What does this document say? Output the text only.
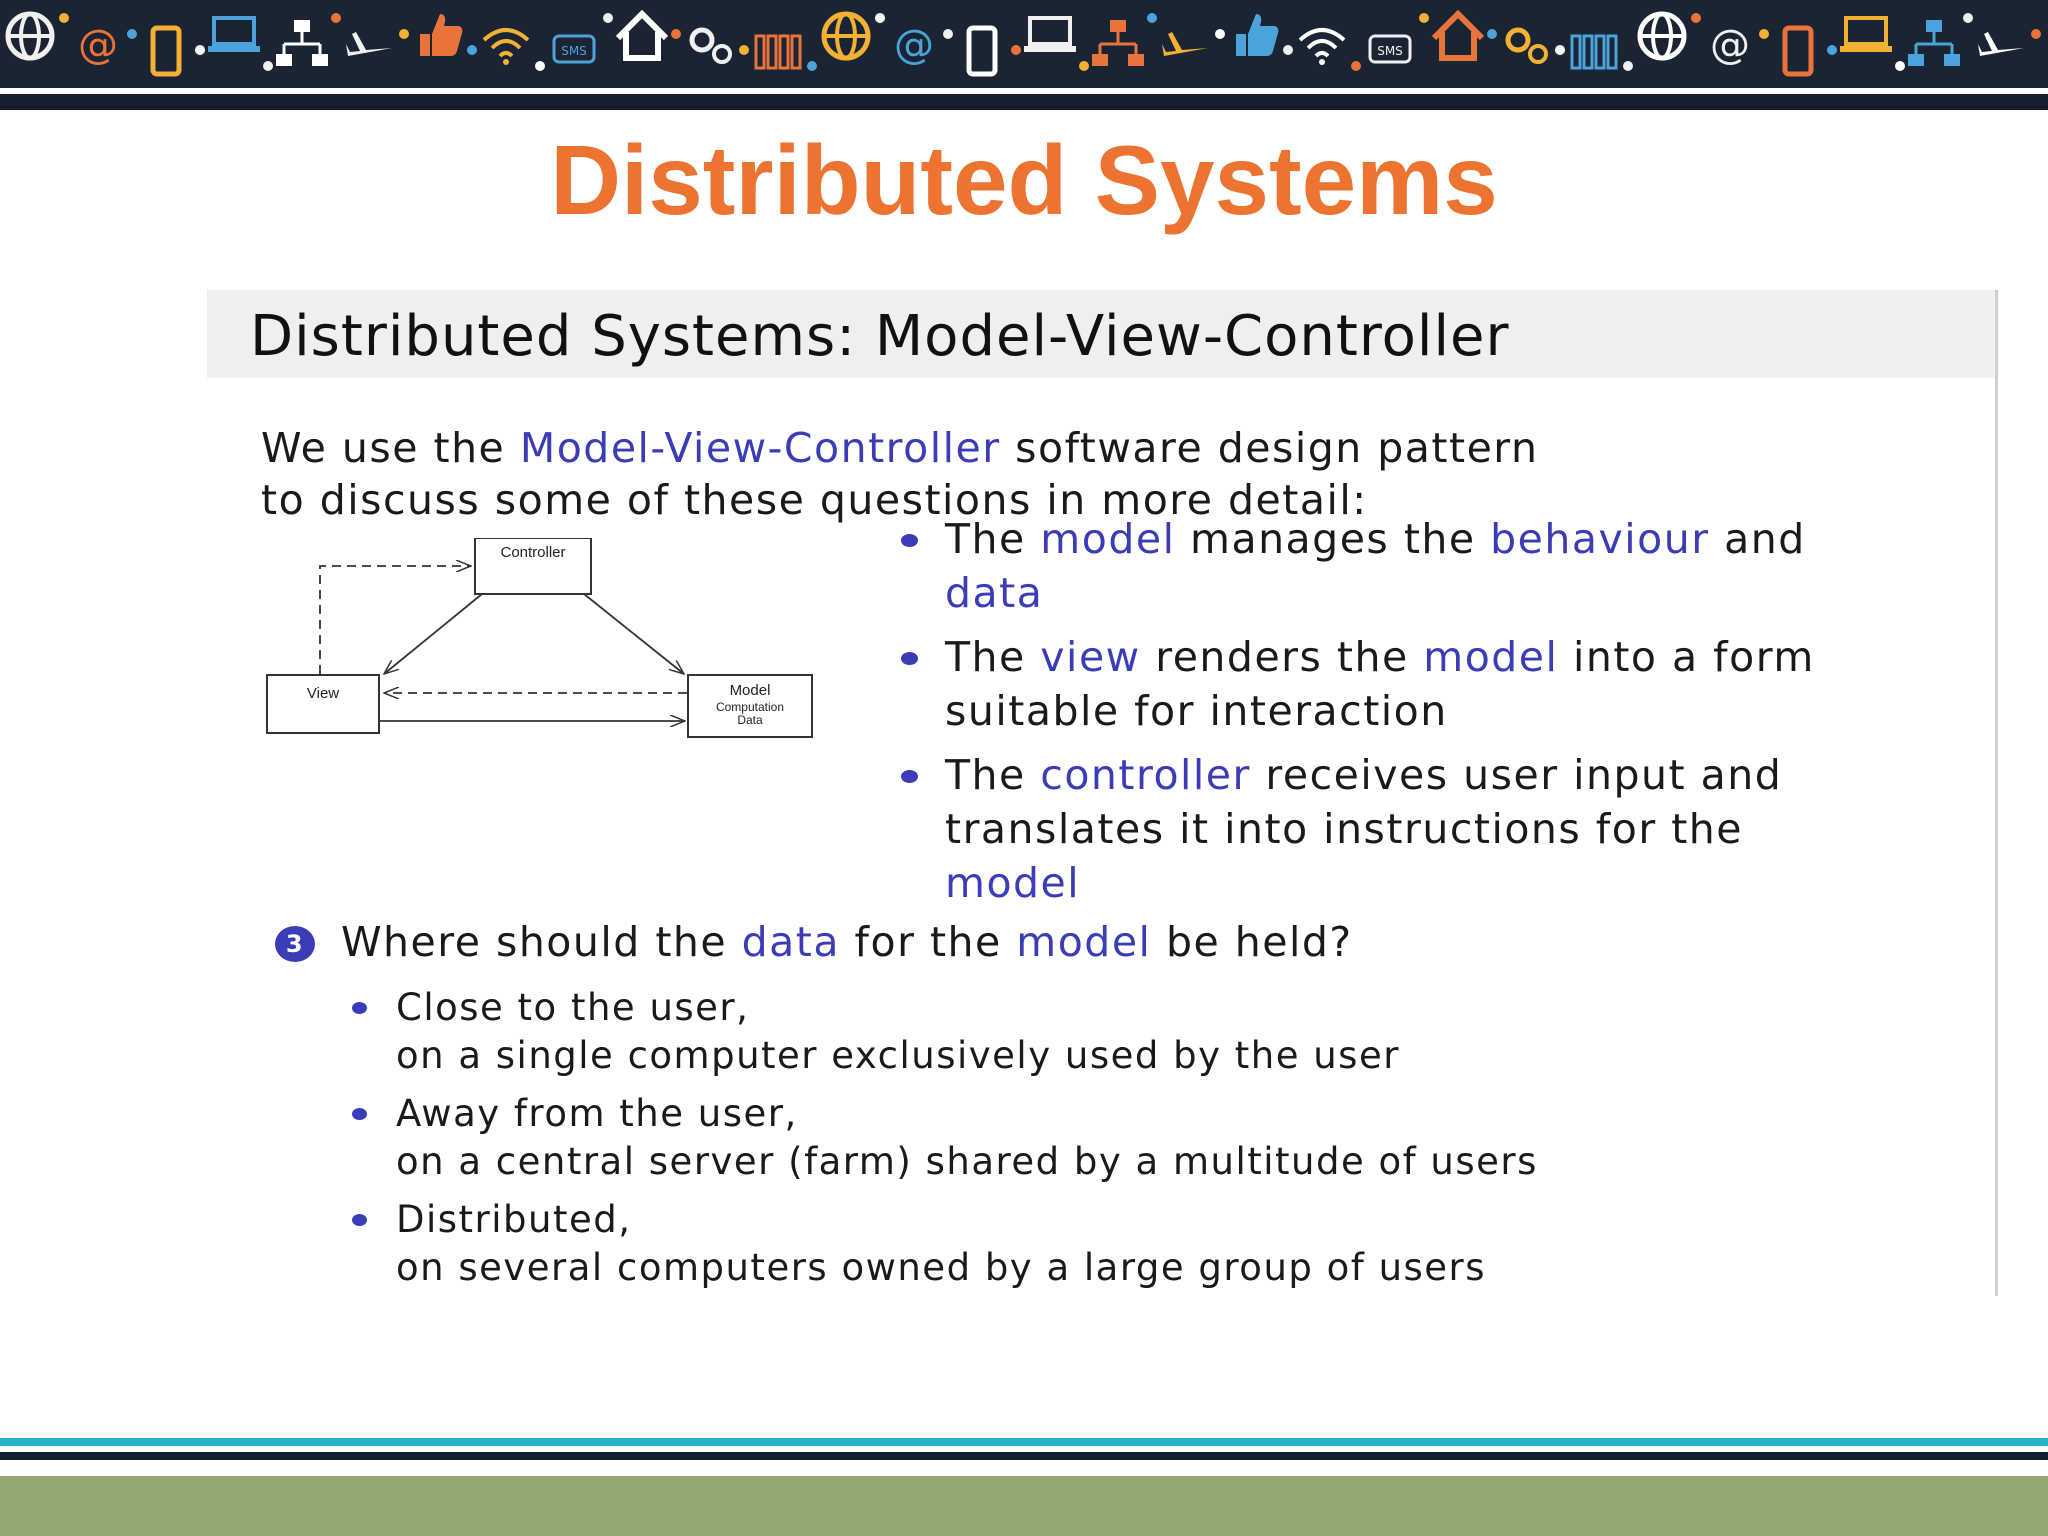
@	SMS	@	SMS	@
Distributed Systems
Distributed Systems: Model-View-Controller
We use the Model-View-Controller software design pattern
to discuss some of these questions in more detail:
Controller
View	Model
Computation
Data
The model manages the behaviour and
data
The view renders the model into a form
suitable for interaction
The controller receives user input and
translates it into instructions for the
model
3 Where should the data for the model be held?
Close to the user,
on a single computer exclusively used by the user
Away from the user,
on a central server (farm) shared by a multitude of users
Distributed,
on several computers owned by a large group of users
